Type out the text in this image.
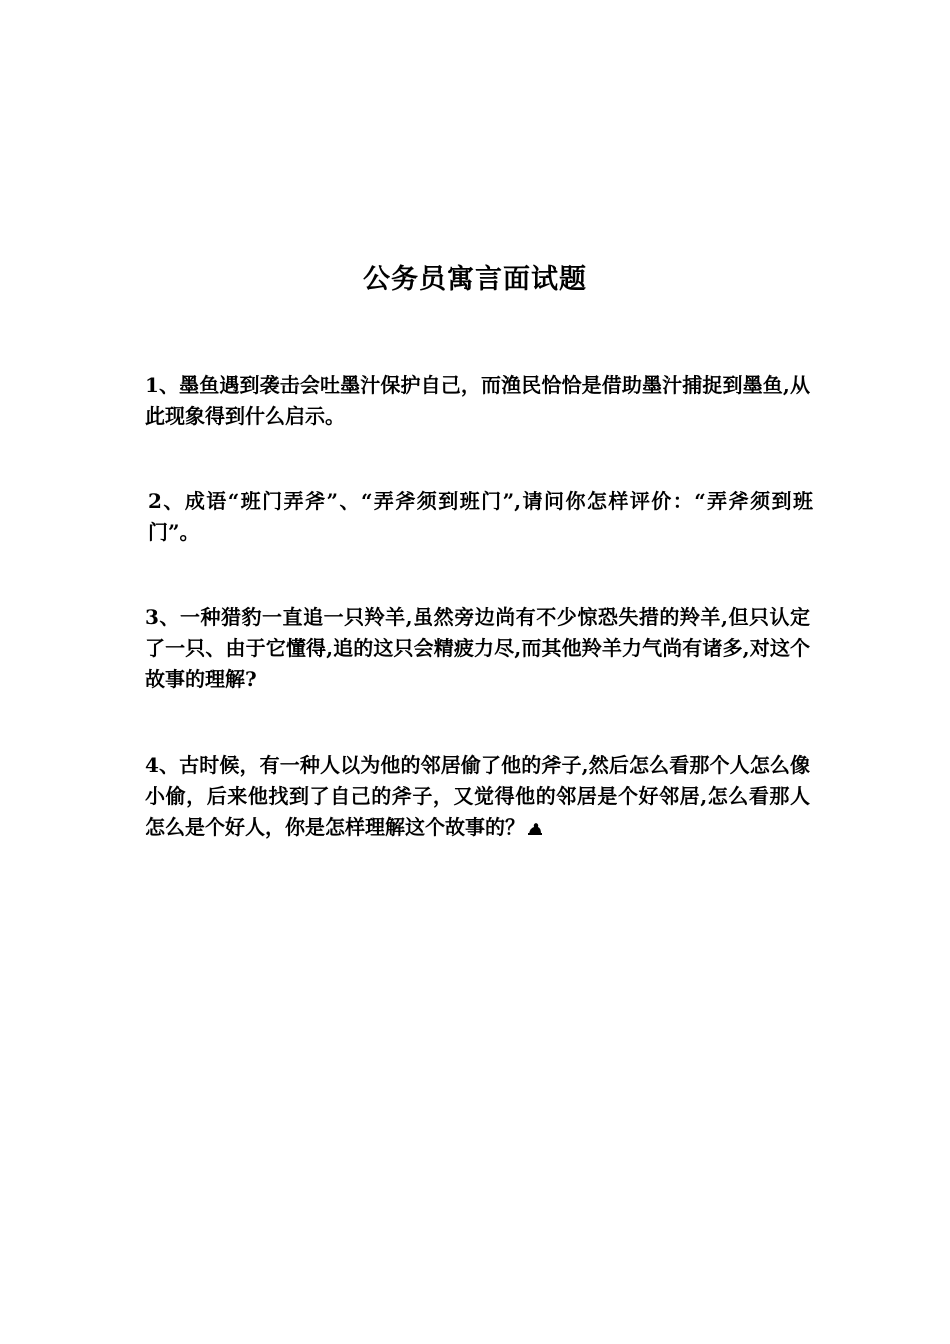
公务员寓言面试题
1、墨鱼遇到袭击会吐墨汁保护自己，而渔民恰恰是借助墨汁捕捉到墨鱼,从此现象得到什么启示。
2、成语“班门弄斧”、“弄斧须到班门”,请问你怎样评价：“弄斧须到班门”。
3、一种猎豹一直追一只羚羊,虽然旁边尚有不少惊恐失措的羚羊,但只认定了一只、由于它懂得,追的这只会精疲力尽,而其他羚羊力气尚有诸多,对这个故事的理解?
4、古时候，有一种人以为他的邻居偷了他的斧子,然后怎么看那个人怎么像小偷，后来他找到了自己的斧子，又觉得他的邻居是个好邻居,怎么看那人怎么是个好人，你是怎样理解这个故事的？
